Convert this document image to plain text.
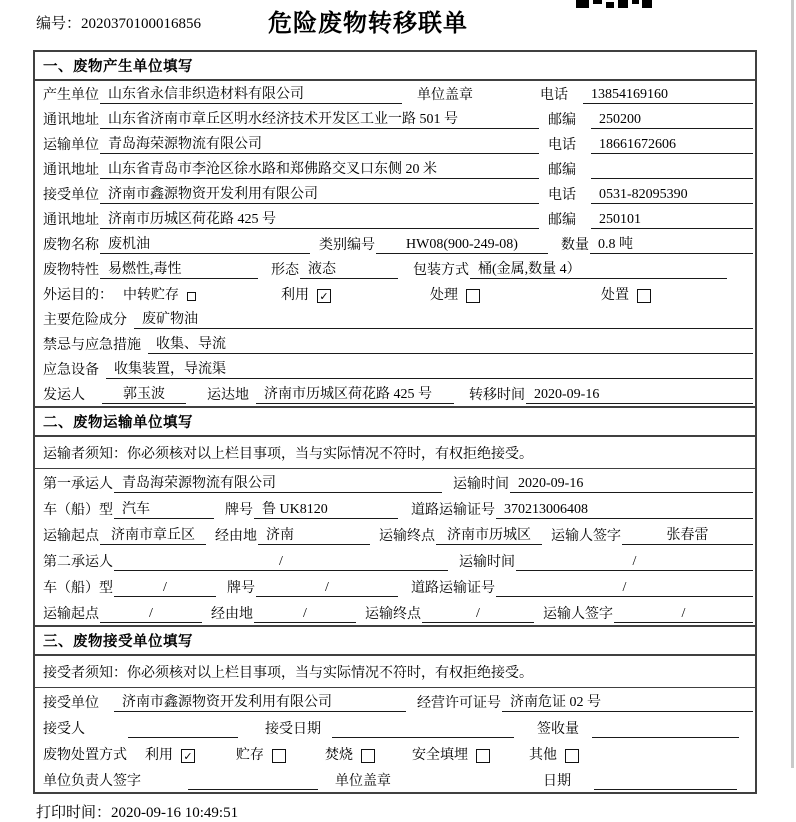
编号：2020370100016856	危险废物转移联单
一、废物产生单位填写
产生单位 山东省永信非织造材料有限公司	单位盖章	电话	13854169160
通讯地址 山东省济南市章丘区明水经济技术开发区工业一路 501 号	邮编	250200
运输单位 青岛海荣源物流有限公司	电话	18661672606
通讯地址 山东省青岛市李沧区徐水路和郑佛路交叉口东侧 20 米	邮编
接受单位 济南市鑫源物资开发利用有限公司	电话	0531-82095390
通讯地址 济南市历城区荷花路 425 号	邮编	250101
废物名称 废机油	类别编号	HW08(900-249-08)	数量 0.8 吨
废物特性 易燃性,毒性	形态 液态	包装方式 桶(金属,数量 4）
外运目的： 中转贮存	利用 ✓	处理	处置
主要危险成分	废矿物油
禁忌与应急措施	收集、导流
应急设备	收集装置，导流渠
发运人	郭玉波	运达地	济南市历城区荷花路 425 号	转移时间 2020-09-16
二、废物运输单位填写
运输者须知：你必须核对以上栏目事项，当与实际情况不符时，有权拒绝接受。
第一承运人 青岛海荣源物流有限公司	运输时间 2020-09-16
车（船）型 汽车	牌号 鲁 UK8120	道路运输证号 370213006408
运输起点 济南市章丘区	经由地 济南	运输终点 济南市历城区	运输人签字	张春雷
第二承运人	/	运输时间	/
车（船）型	/	牌号	/	道路运输证号	/
运输起点	/	经由地	/	运输终点	/	运输人签字	/
三、废物接受单位填写
接受者须知：你必须核对以上栏目事项，当与实际情况不符时，有权拒绝接受。
接受单位	济南市鑫源物资开发利用有限公司	经营许可证号 济南危证 02 号
接受人	接受日期	签收量
废物处置方式 利用 ✓	贮存	焚烧	安全填埋	其他
单位负责人签字	单位盖章	日期
打印时间：2020-09-16 10:49:51
